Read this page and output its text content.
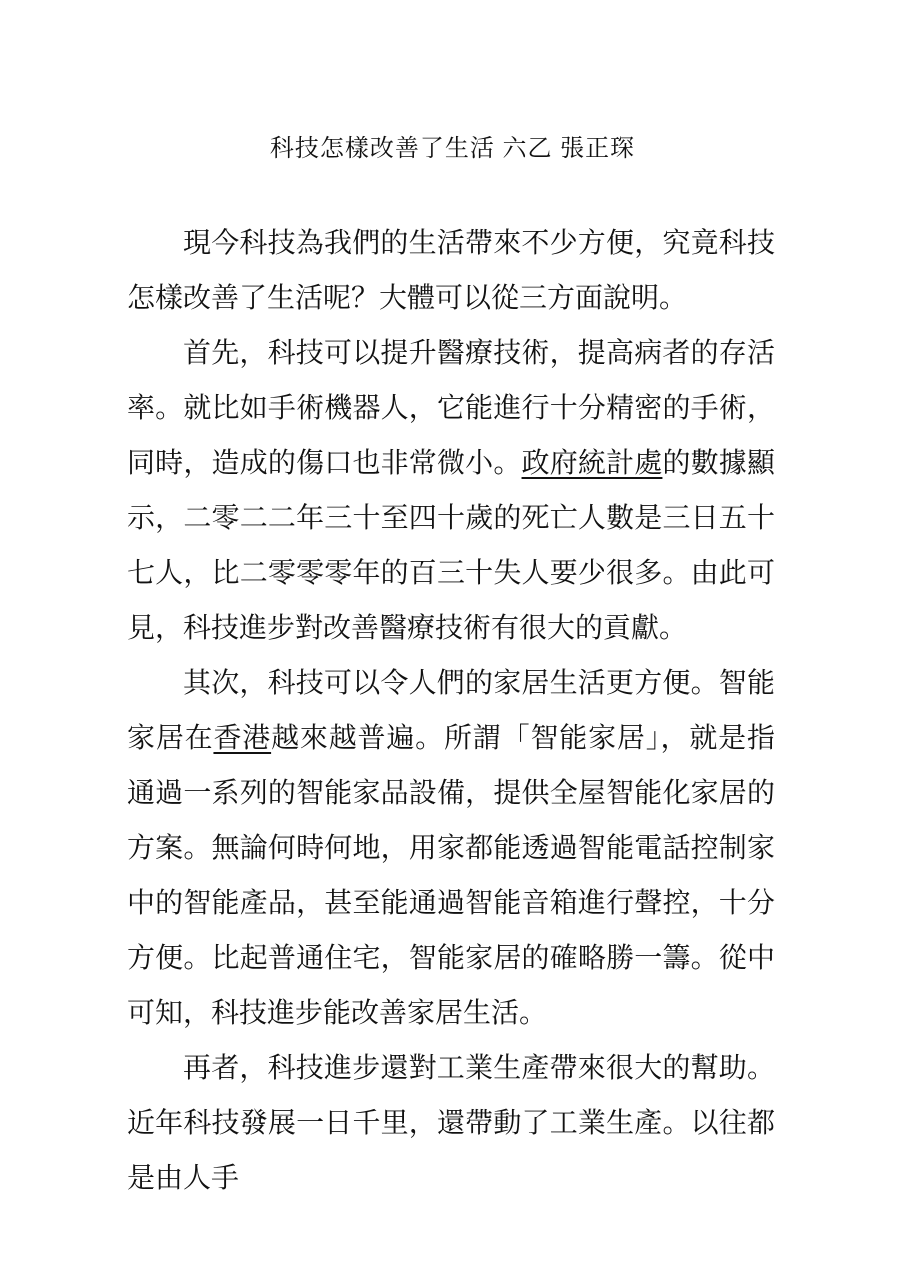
科技怎樣改善了生活 六乙 張正琛

現今科技為我們的生活帶來不少方便，究竟科技怎樣改善了生活呢？大體可以從三方面說明。

首先，科技可以提升醫療技術，提高病者的存活率。就比如手術機器人，它能進行十分精密的手術，同時，造成的傷口也非常微小。政府統計處的數據顯示，二零二二年三十至四十歲的死亡人數是三日五十七人，比二零零零年的百三十失人要少很多。由此可見，科技進步對改善醫療技術有很大的貢獻。

其次，科技可以令人們的家居生活更方便。智能家居在香港越來越普遍。所謂「智能家居」，就是指通過一系列的智能家品設備，提供全屋智能化家居的方案。無論何時何地，用家都能透過智能電話控制家中的智能產品，甚至能通過智能音箱進行聲控，十分方便。比起普通住宅，智能家居的確略勝一籌。從中可知，科技進步能改善家居生活。

再者，科技進步還對工業生產帶來很大的幫助。近年科技發展一日千里，還帶動了工業生產。以往都是由人手
